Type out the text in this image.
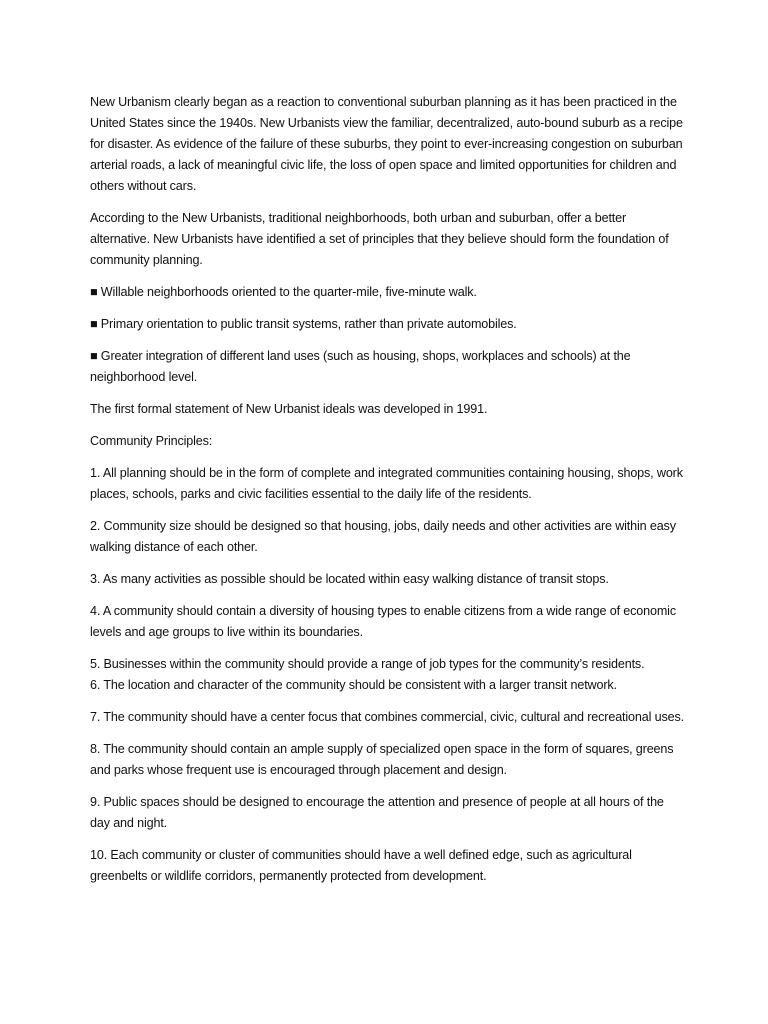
New Urbanism clearly began as a reaction to conventional suburban planning as it has been practiced in the United States since the 1940s. New Urbanists view the familiar, decentralized, auto-bound suburb as a recipe for disaster. As evidence of the failure of these suburbs, they point to ever-increasing congestion on suburban arterial roads, a lack of meaningful civic life, the loss of open space and limited opportunities for children and others without cars.

According to the New Urbanists, traditional neighborhoods, both urban and suburban, offer a better alternative. New Urbanists have identified a set of principles that they believe should form the foundation of community planning.

■ Willable neighborhoods oriented to the quarter-mile, five-minute walk.

■ Primary orientation to public transit systems, rather than private automobiles.

■ Greater integration of different land uses (such as housing, shops, workplaces and schools) at the neighborhood level.

The first formal statement of New Urbanist ideals was developed in 1991.

Community Principles:

1. All planning should be in the form of complete and integrated communities containing housing, shops, work places, schools, parks and civic facilities essential to the daily life of the residents.

2. Community size should be designed so that housing, jobs, daily needs and other activities are within easy walking distance of each other.

3. As many activities as possible should be located within easy walking distance of transit stops.

4. A community should contain a diversity of housing types to enable citizens from a wide range of economic levels and age groups to live within its boundaries.

5. Businesses within the community should provide a range of job types for the community’s residents.

6. The location and character of the community should be consistent with a larger transit network.

7. The community should have a center focus that combines commercial, civic, cultural and recreational uses.

8. The community should contain an ample supply of specialized open space in the form of squares, greens and parks whose frequent use is encouraged through placement and design.

9. Public spaces should be designed to encourage the attention and presence of people at all hours of the day and night.

10. Each community or cluster of communities should have a well defined edge, such as agricultural greenbelts or wildlife corridors, permanently protected from development.
